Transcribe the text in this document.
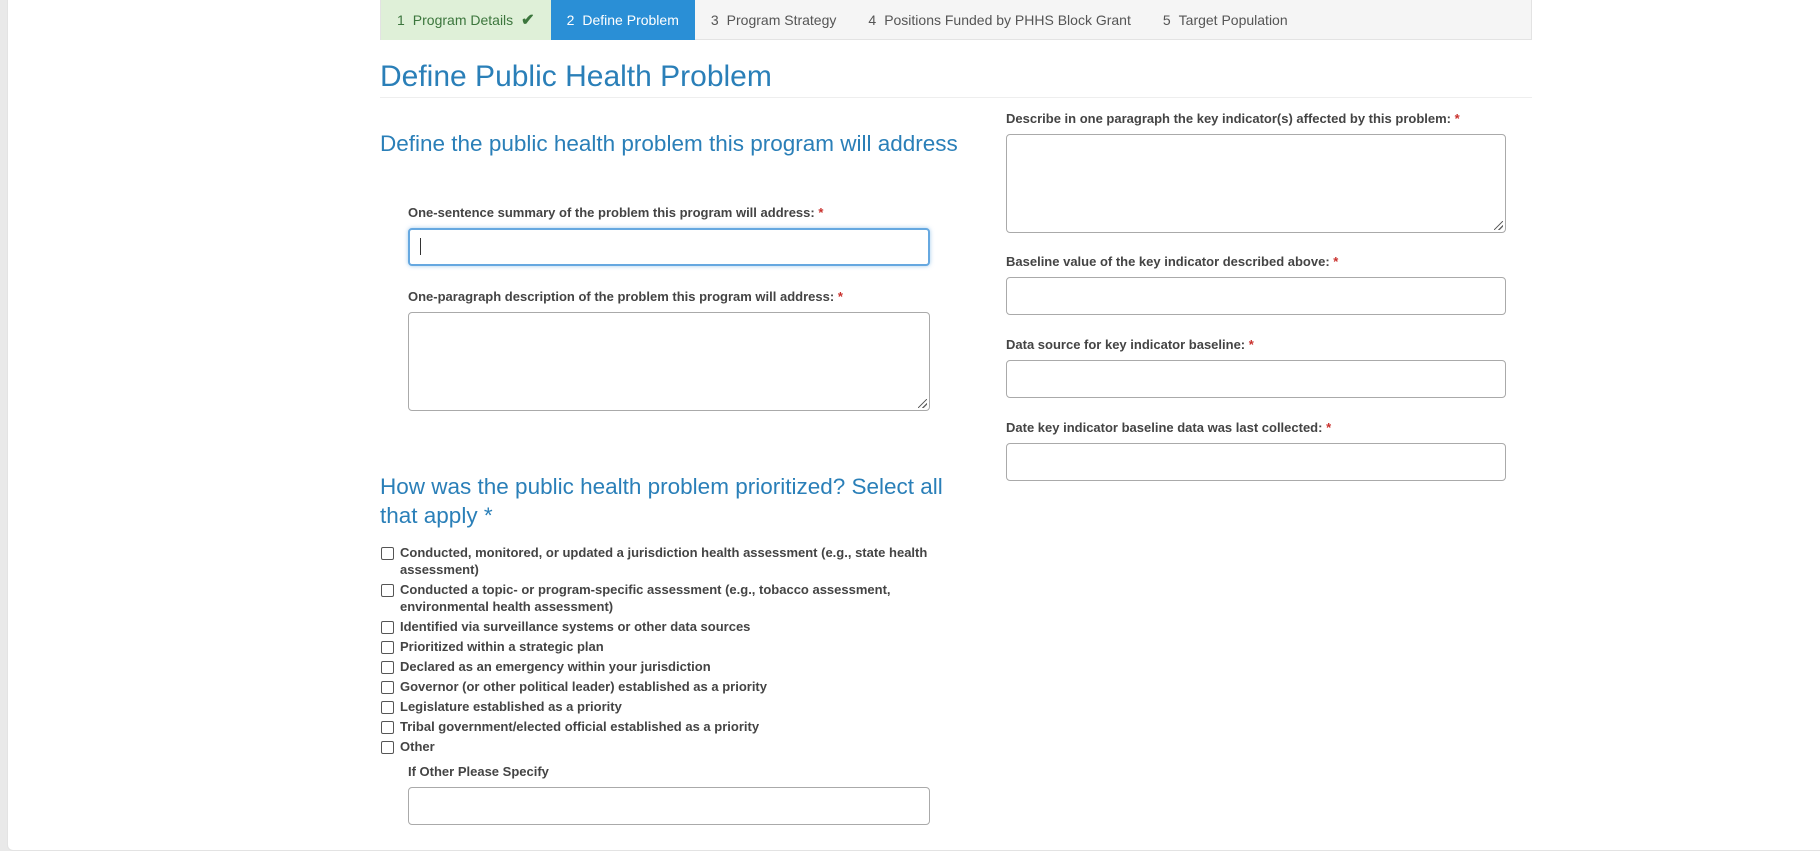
1 Program Details ✔ 2 Define Problem 3 Program Strategy 4 Positions Funded by PHHS Block Grant 5 Target Population
Define Public Health Problem
Define the public health problem this program will address
One-sentence summary of the problem this program will address: *
One-paragraph description of the problem this program will address: *
How was the public health problem prioritized? Select all that apply *
Conducted, monitored, or updated a jurisdiction health assessment (e.g., state health assessment)
Conducted a topic- or program-specific assessment (e.g., tobacco assessment, environmental health assessment)
Identified via surveillance systems or other data sources
Prioritized within a strategic plan
Declared as an emergency within your jurisdiction
Governor (or other political leader) established as a priority
Legislature established as a priority
Tribal government/elected official established as a priority
Other
If Other Please Specify
Describe in one paragraph the key indicator(s) affected by this problem: *
Baseline value of the key indicator described above: *
Data source for key indicator baseline: *
Date key indicator baseline data was last collected: *
